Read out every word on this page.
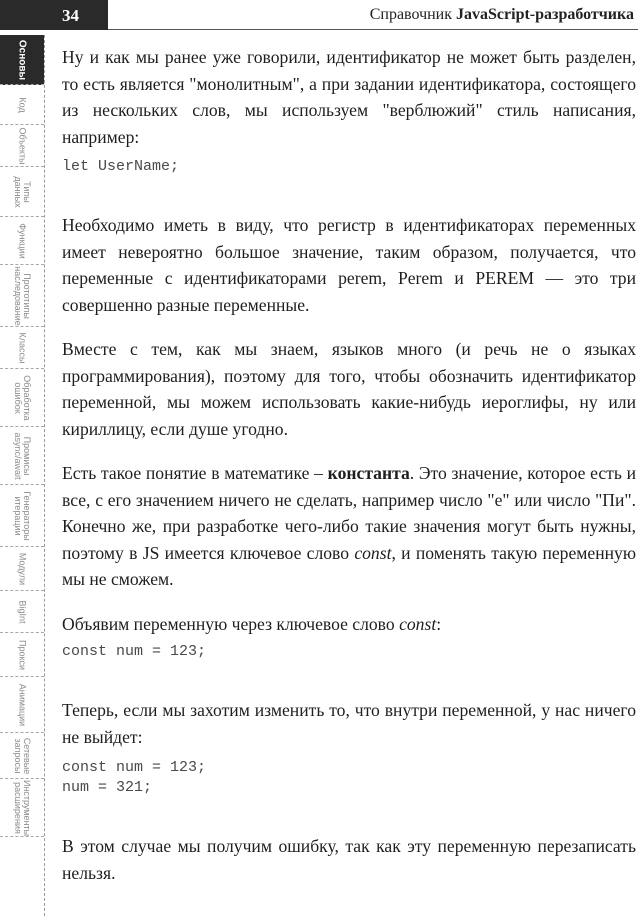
34	Справочник JavaScript-разработчика
Основы
Код
Объекты
Типы
данных
Функции
Прототипы
наследование
Классы
Обработка
ошибок
Промисы
async/await
Генераторы
итерации
Модули
BigInt
Прокси
Анимации
Сетевые
запросы
Инструменты
расширения

Ну и как мы ранее уже говорили, идентификатор не может быть разделен, то есть является "монолитным", а при задании идентификатора, состоящего из нескольких слов, мы используем "верблюжий" стиль написания, например:

let UserName;

Необходимо иметь в виду, что регистр в идентификаторах переменных имеет невероятно большое значение, таким образом, получается, что переменные с идентификаторами perem, Perem и PEREM — это три совершенно разные переменные.

Вместе с тем, как мы знаем, языков много (и речь не о языках программирования), поэтому для того, чтобы обозначить идентификатор переменной, мы можем использовать какие-нибудь иероглифы, ну или кириллицу, если душе угодно.

Есть такое понятие в математике – константа. Это значение, которое есть и все, с его значением ничего не сделать, например число "е" или число "Пи". Конечно же, при разработке чего-либо такие значения могут быть нужны, поэтому в JS имеется ключевое слово const, и поменять такую переменную мы не сможем.

Объявим переменную через ключевое слово const:

const num = 123;

Теперь, если мы захотим изменить то, что внутри переменной, у нас ничего не выйдет:

const num = 123;
num = 321;

В этом случае мы получим ошибку, так как эту переменную перезаписать нельзя.
